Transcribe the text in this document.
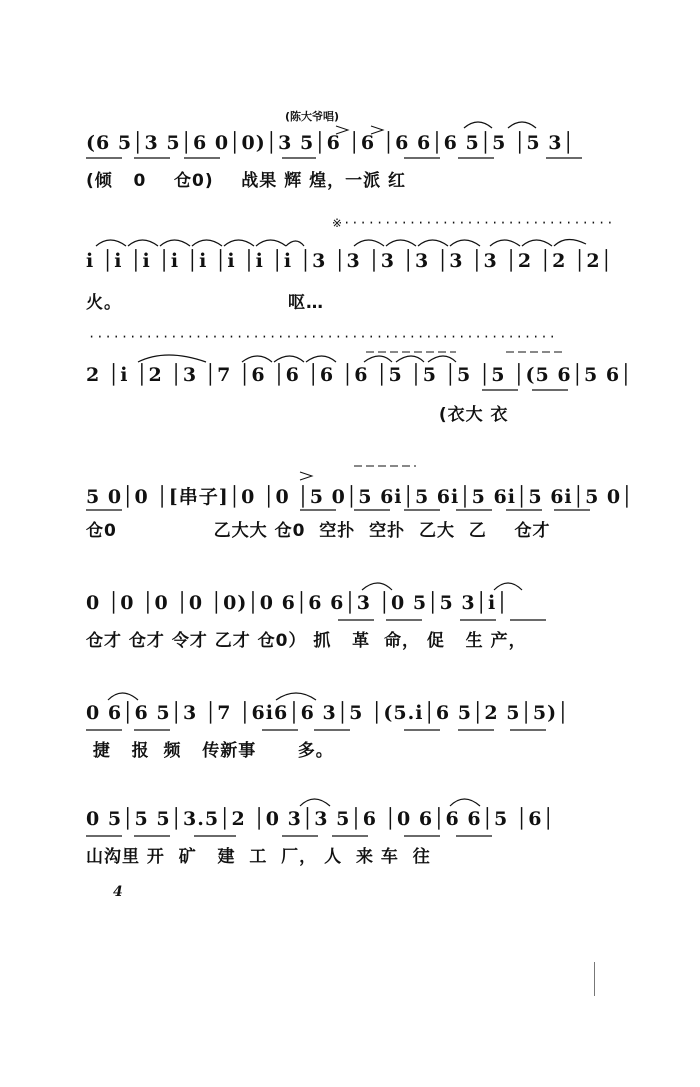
(陈大爷唱)
(6 5│3 5│6 0│0)│3 5│6 │6 │6 6│6 5│5 │5 3│
(倾   0    仓0)    战果 辉 煌，一派 红
※·································
i │i │i │i │i │i │i │i │3 │3 │3 │3 │3 │3 │2 │2 │2│
火。                        呕…
·························································
2 │i │2 │3 │7 │6 │6 │6 │6 │5 │5 │5 │5 │(5 6│5 6│
(衣大 衣
5 0│0 │[串子]│0 │0 │5 0│5 6i│5 6i│5 6i│5 6i│5 0│
仓0              乙大大 仓0  空扑  空扑  乙大  乙    仓才
0 │0 │0 │0 │0)│0 6│6 6│3 │0 5│5 3│i│
仓才 仓才 令才 乙才 仓0） 抓   革  命， 促   生 产，
0 6│6 5│3 │7 │6i6│6 3│5 │(5.i│6 5│2 5│5)│
捷   报  频   传新事      多。
0 5│5 5│3.5│2 │0 3│3 5│6 │0 6│6 6│5 │6│
山沟里 开  矿   建  工  厂， 人  来 车  往
4
